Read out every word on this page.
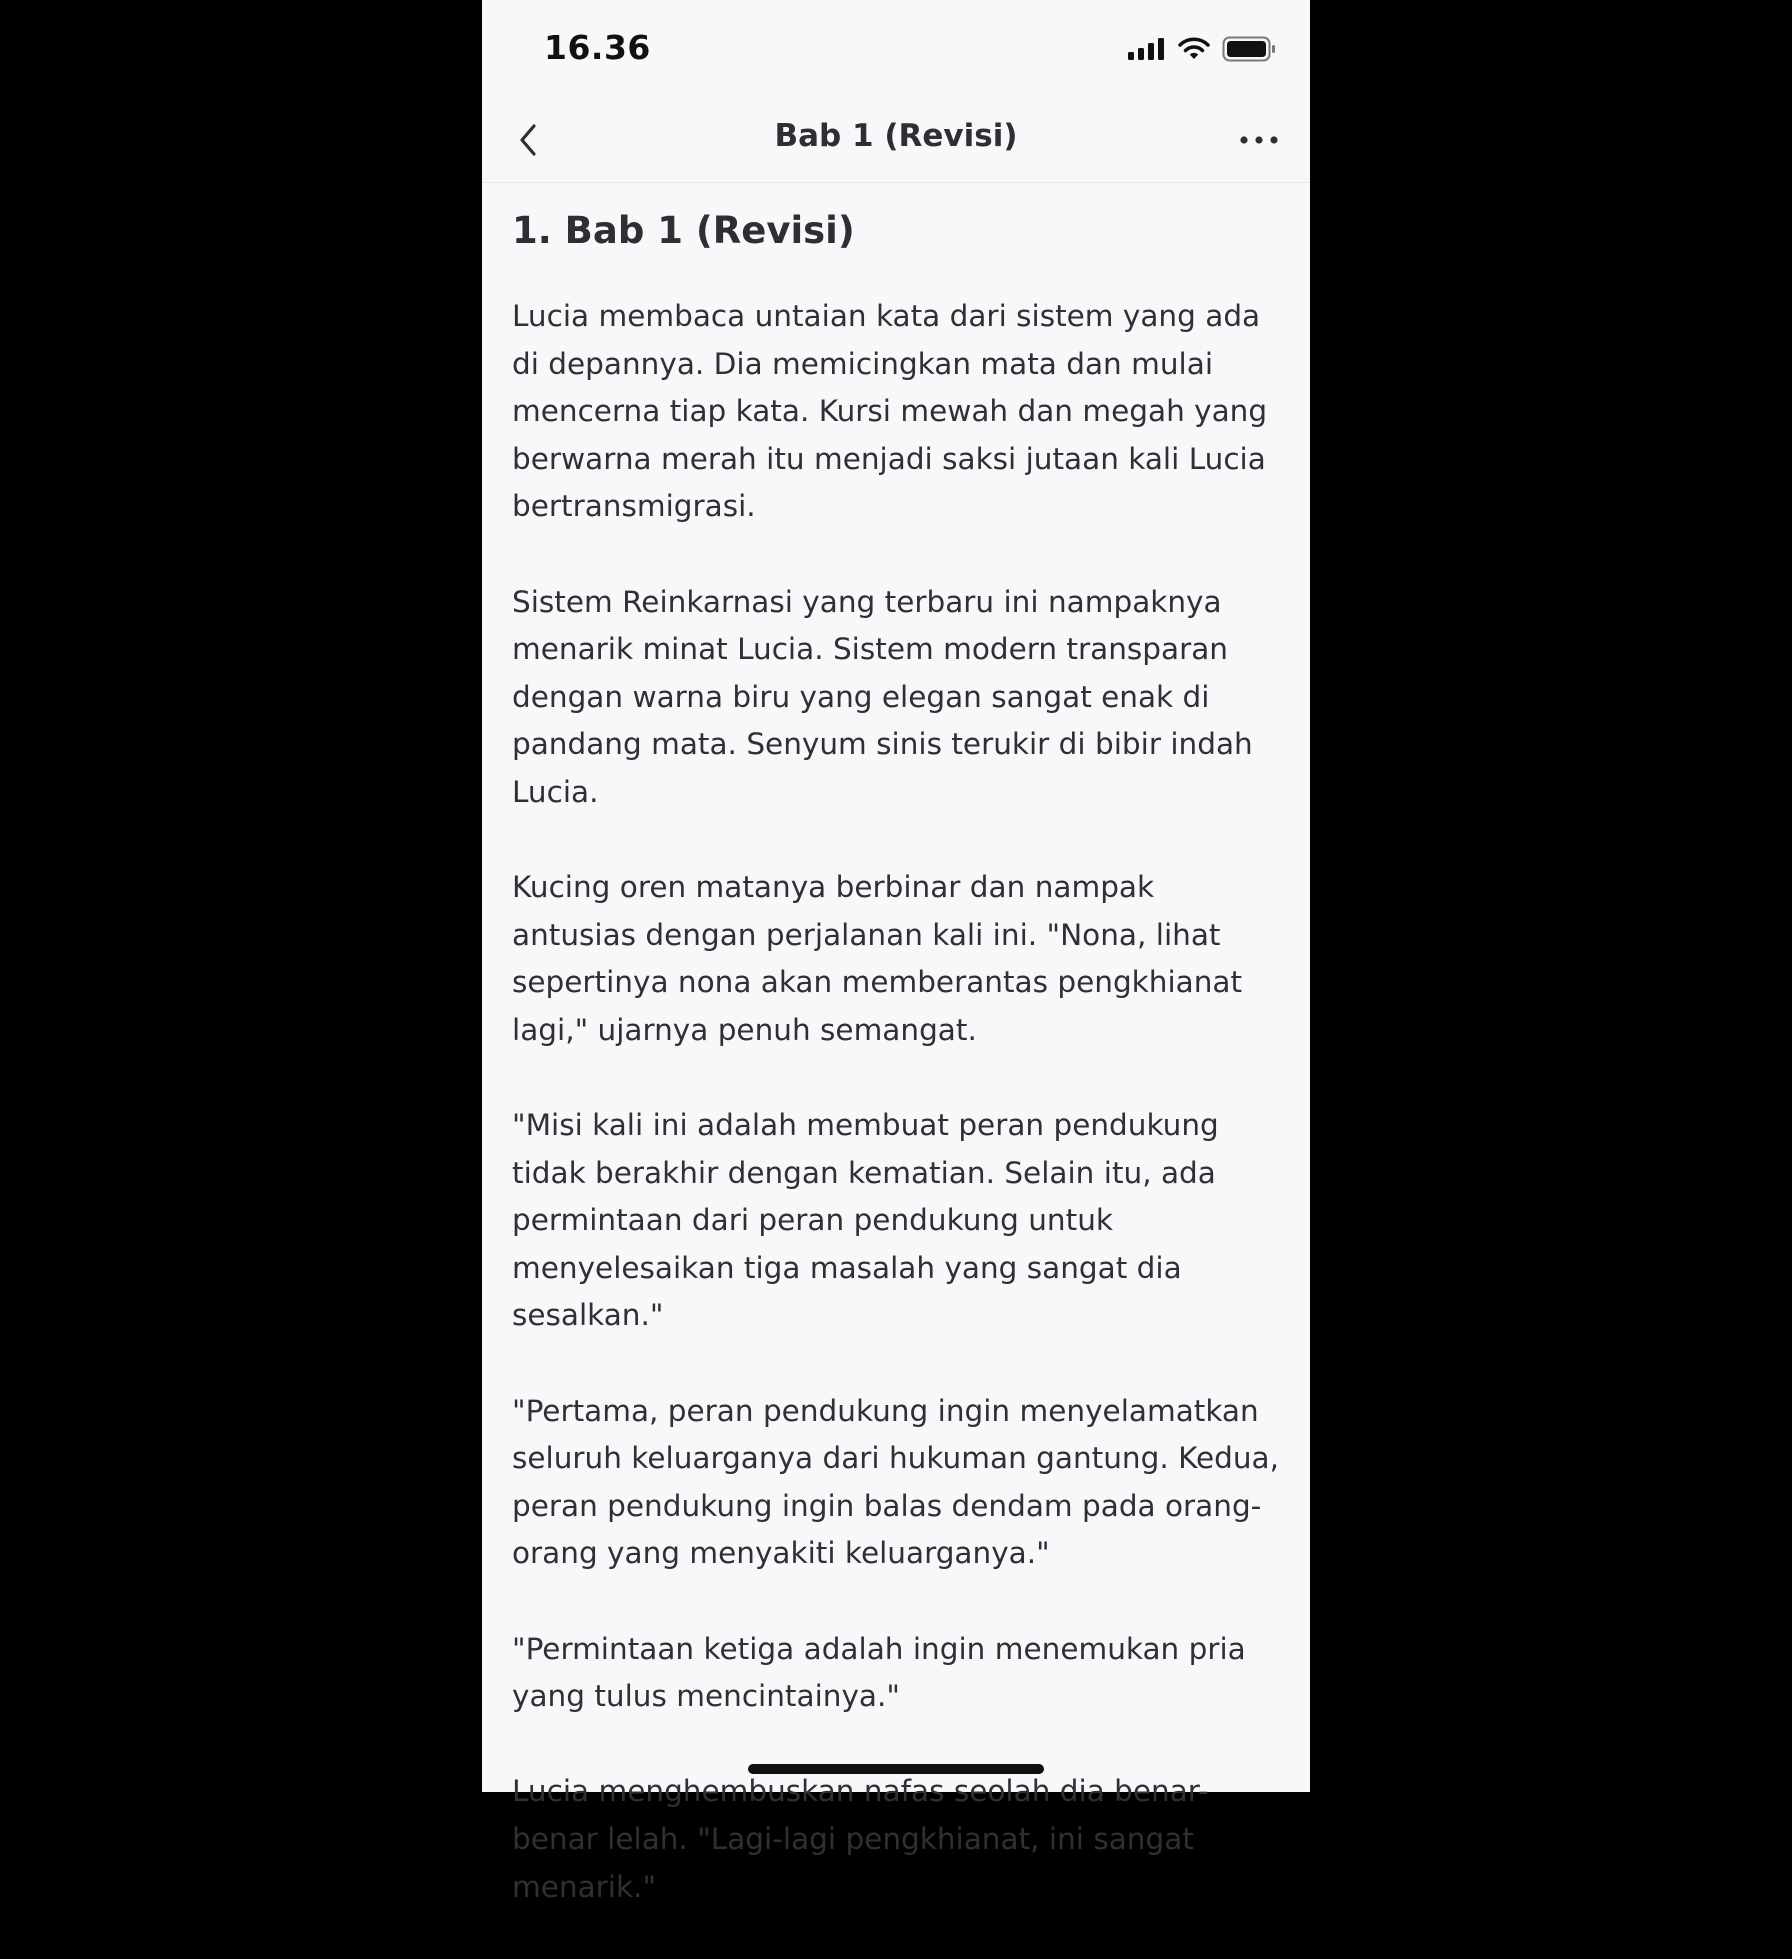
16.36
Bab 1 (Revisi)
1. Bab 1 (Revisi)

Lucia membaca untaian kata dari sistem yang ada di depannya. Dia memicingkan mata dan mulai mencerna tiap kata. Kursi mewah dan megah yang berwarna merah itu menjadi saksi jutaan kali Lucia bertransmigrasi.

Sistem Reinkarnasi yang terbaru ini nampaknya menarik minat Lucia. Sistem modern transparan dengan warna biru yang elegan sangat enak di pandang mata. Senyum sinis terukir di bibir indah Lucia.

Kucing oren matanya berbinar dan nampak antusias dengan perjalanan kali ini. "Nona, lihat sepertinya nona akan memberantas pengkhianat lagi," ujarnya penuh semangat.

"Misi kali ini adalah membuat peran pendukung tidak berakhir dengan kematian. Selain itu, ada permintaan dari peran pendukung untuk menyelesaikan tiga masalah yang sangat dia sesalkan."

"Pertama, peran pendukung ingin menyelamatkan seluruh keluarganya dari hukuman gantung. Kedua, peran pendukung ingin balas dendam pada orang-orang yang menyakiti keluarganya."

"Permintaan ketiga adalah ingin menemukan pria yang tulus mencintainya."

Lucia menghembuskan nafas seolah dia benar-benar lelah. "Lagi-lagi pengkhianat, ini sangat menarik."
